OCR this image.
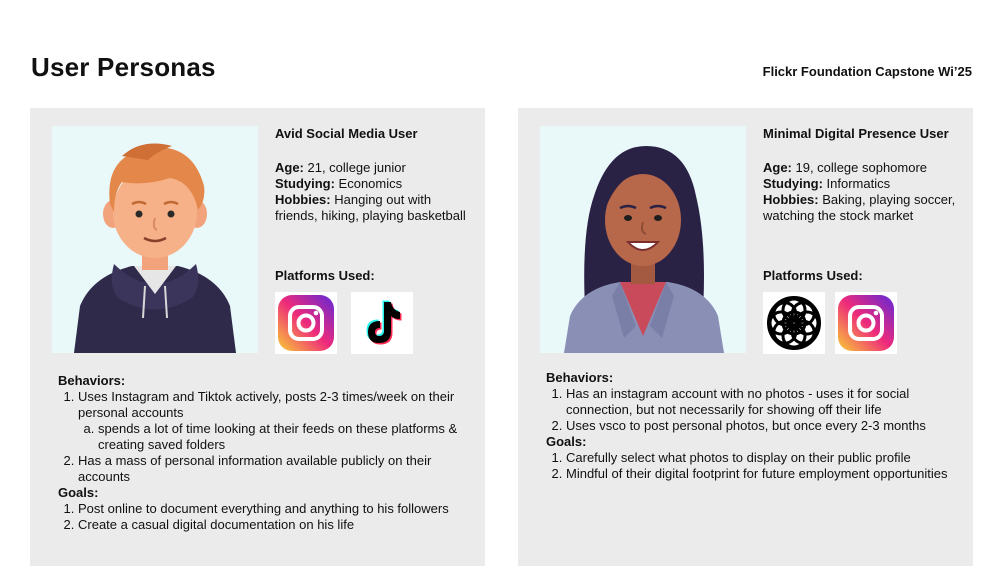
User Personas	Flickr Foundation Capstone Wi’25
Avid Social Media User
Age: 21, college junior
Studying: Economics
Hobbies: Hanging out with friends, hiking, playing basketball
Platforms Used:
Behaviors:
1. Uses Instagram and Tiktok actively, posts 2-3 times/week on their personal accounts
a. spends a lot of time looking at their feeds on these platforms & creating saved folders
2. Has a mass of personal information available publicly on their accounts
Goals:
1. Post online to document everything and anything to his followers
2. Create a casual digital documentation on his life
Minimal Digital Presence User
Age: 19, college sophomore
Studying: Informatics
Hobbies: Baking, playing soccer, watching the stock market
Platforms Used:
Behaviors:
1. Has an instagram account with no photos - uses it for social connection, but not necessarily for showing off their life
2. Uses vsco to post personal photos, but once every 2-3 months
Goals:
1. Carefully select what photos to display on their public profile
2. Mindful of their digital footprint for future employment opportunities
